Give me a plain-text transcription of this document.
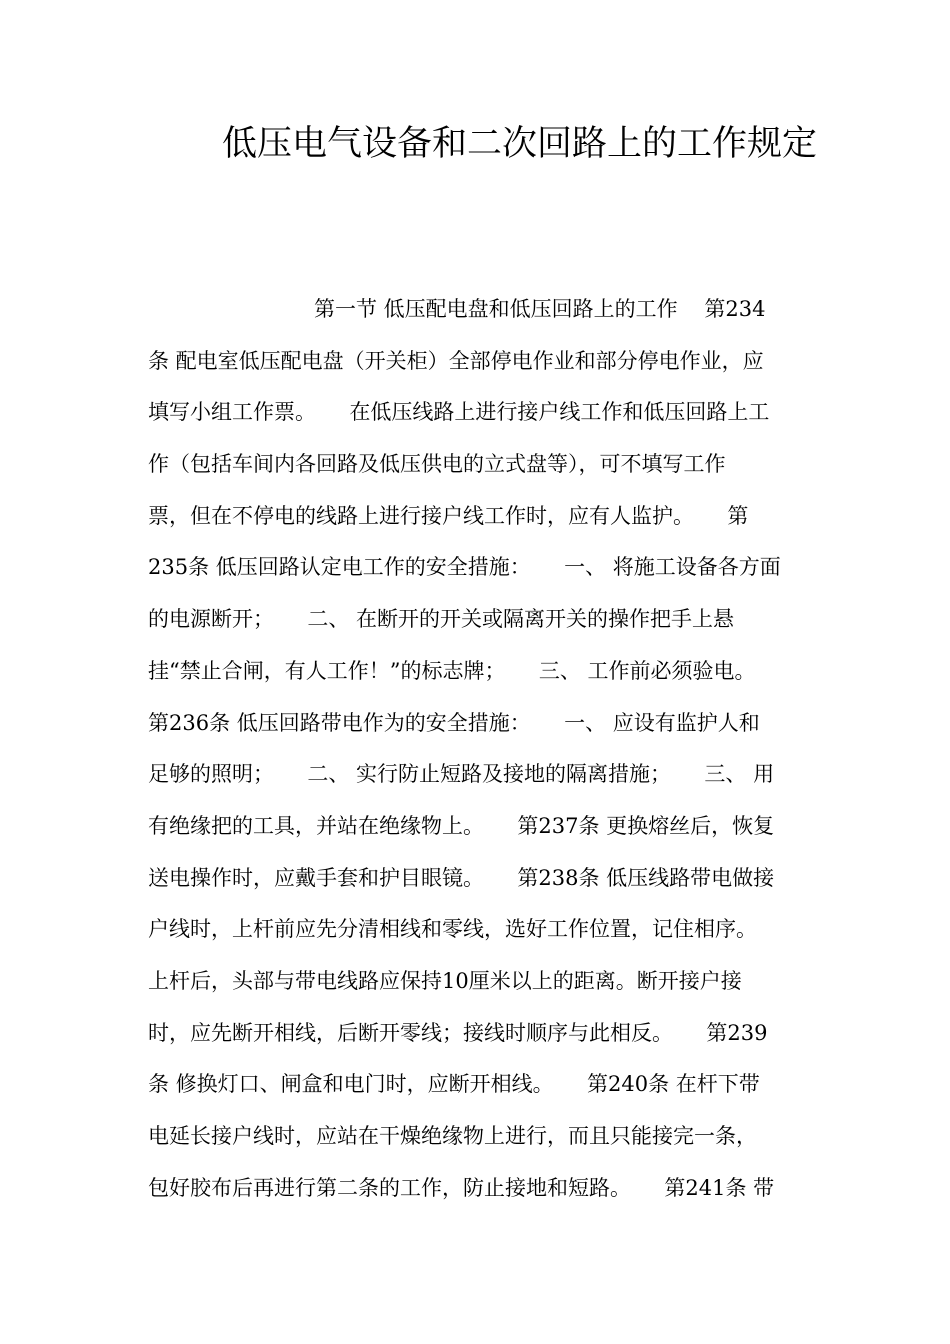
低压电气设备和二次回路上的工作规定
第一节 低压配电盘和低压回路上的工作    第234
条 配电室低压配电盘（开关柜）全部停电作业和部分停电作业，应
填写小组工作票。     在低压线路上进行接户线工作和低压回路上工
作（包括车间内各回路及低压供电的立式盘等），可不填写工作
票，但在不停电的线路上进行接户线工作时，应有人监护。     第
235条 低压回路认定电工作的安全措施：     一、 将施工设备各方面
的电源断开；     二、 在断开的开关或隔离开关的操作把手上悬
挂“禁止合闸，有人工作！”的标志牌；     三、 工作前必须验电。
第236条 低压回路带电作为的安全措施：     一、 应设有监护人和
足够的照明；     二、 实行防止短路及接地的隔离措施；     三、 用
有绝缘把的工具，并站在绝缘物上。     第237条 更换熔丝后，恢复
送电操作时，应戴手套和护目眼镜。     第238条 低压线路带电做接
户线时，上杆前应先分清相线和零线，选好工作位置，记住相序。
上杆后，头部与带电线路应保持10厘米以上的距离。断开接户接
时，应先断开相线，后断开零线；接线时顺序与此相反。     第239
条 修换灯口、闸盒和电门时，应断开相线。     第240条 在杆下带
电延长接户线时，应站在干燥绝缘物上进行，而且只能接完一条，
包好胶布后再进行第二条的工作，防止接地和短路。     第241条 带
